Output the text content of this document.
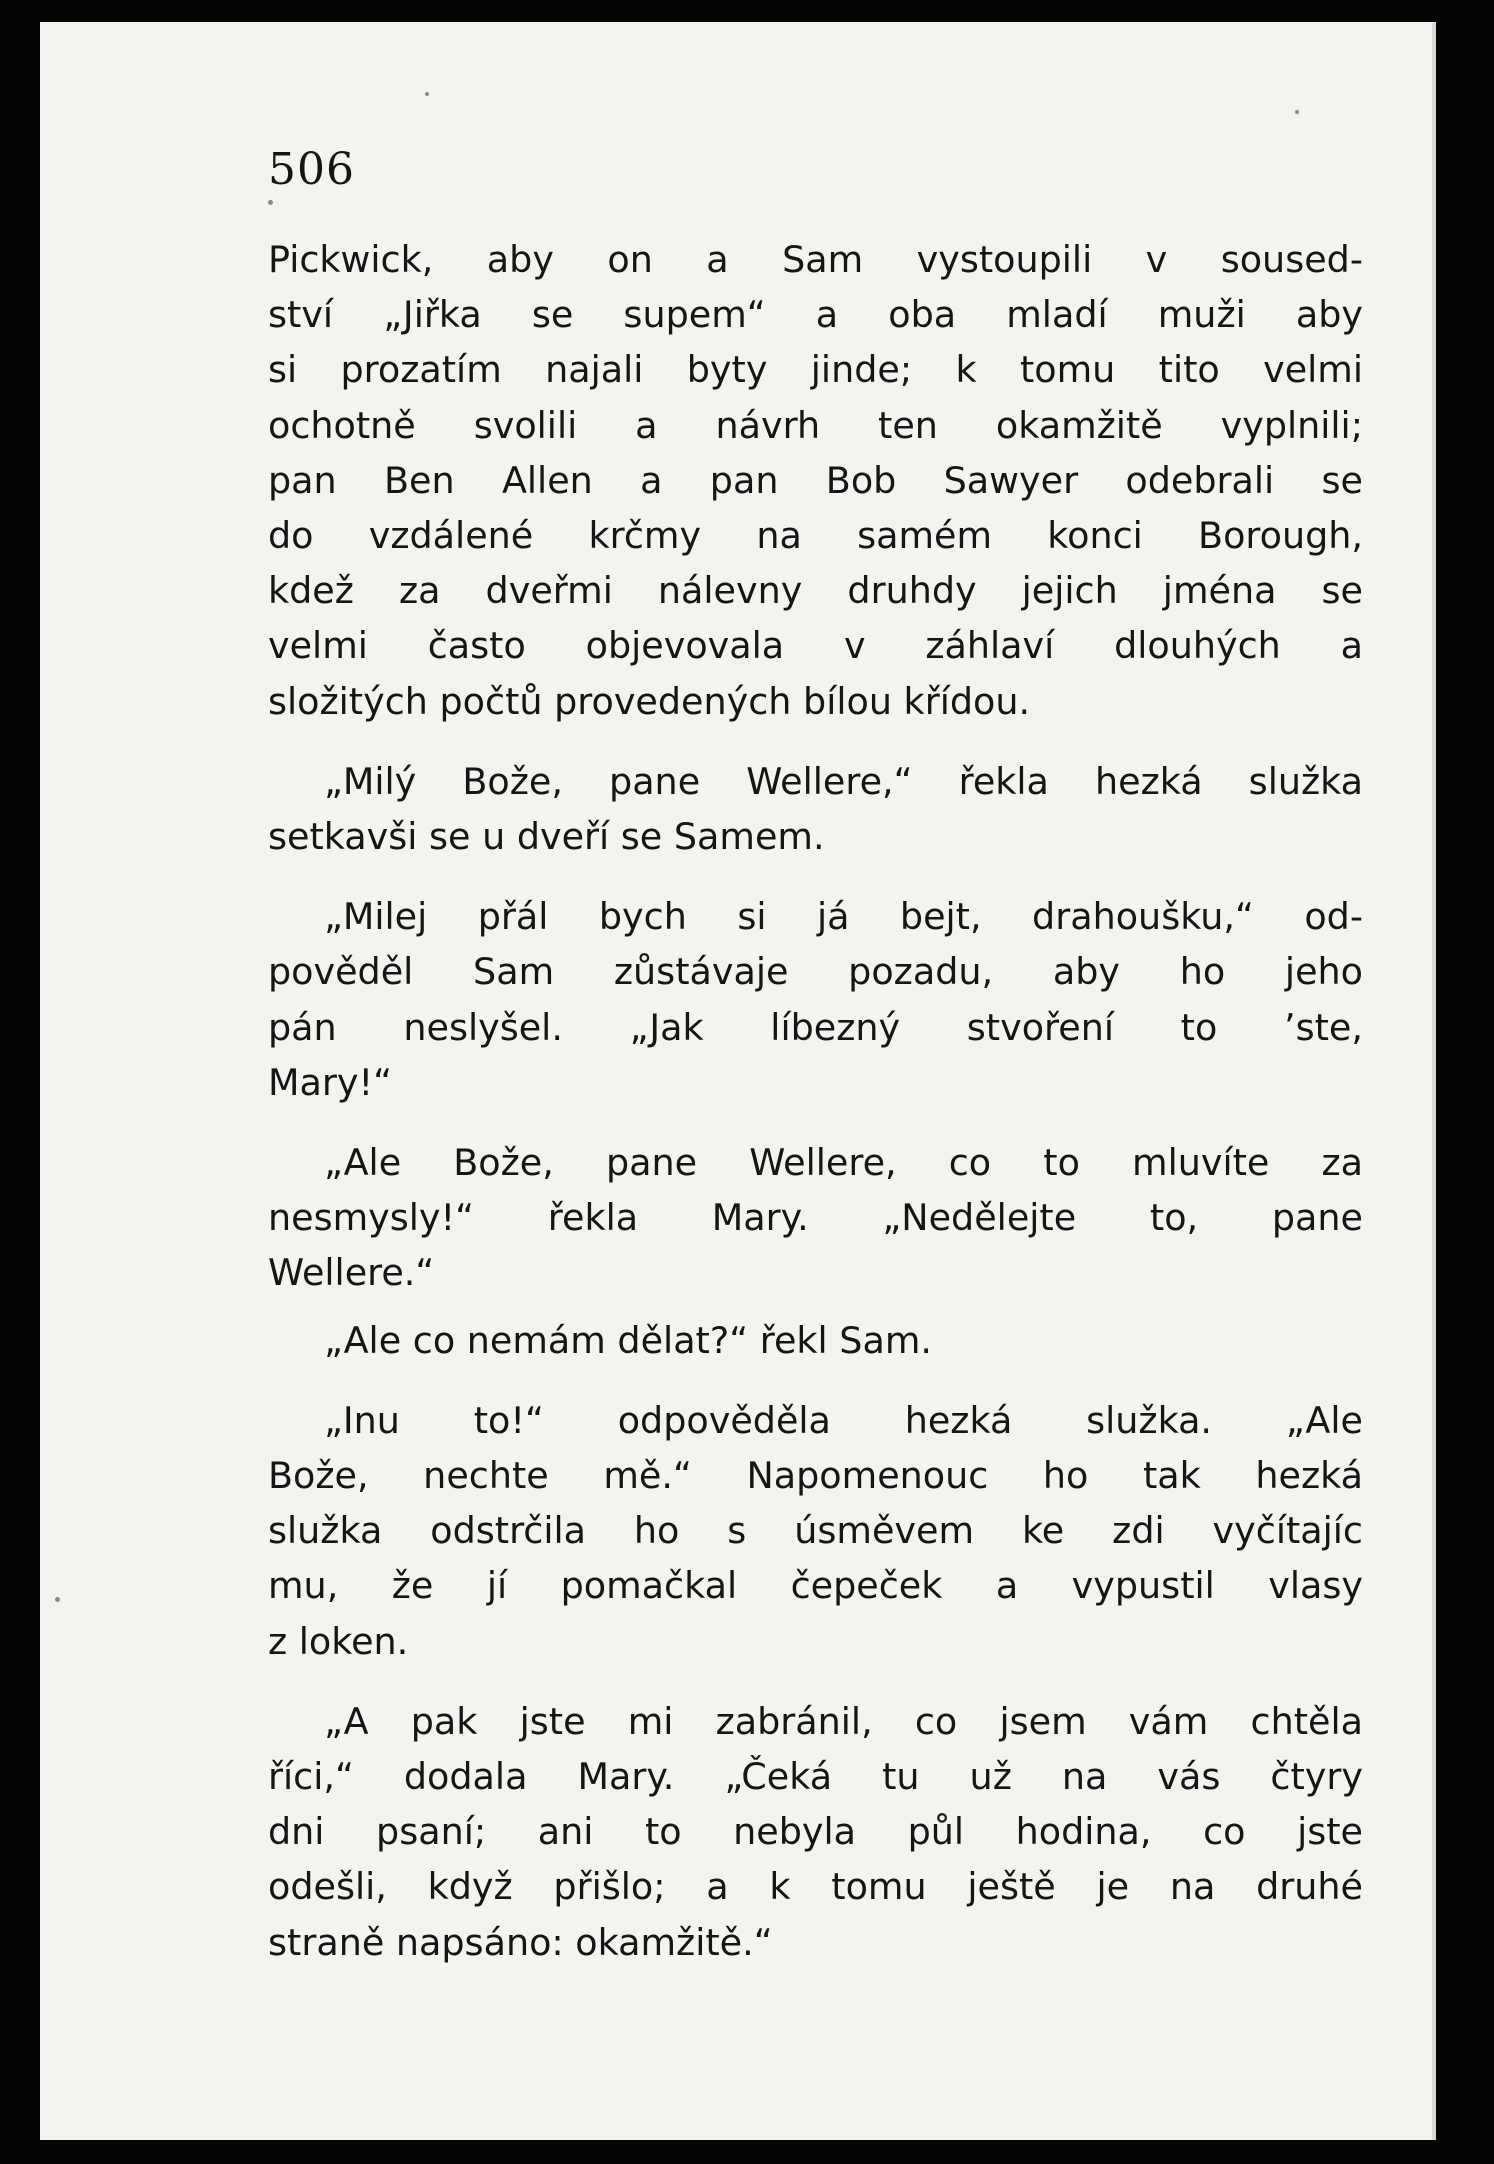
506

Pickwick, aby on a Sam vystoupili v soused-

ství „Jiřka se supem“ a oba mladí muži aby

si prozatím najali byty jinde; k tomu tito velmi

ochotně svolili a návrh ten okamžitě vyplnili;

pan Ben Allen a pan Bob Sawyer odebrali se

do vzdálené krčmy na samém konci Borough,

kdež za dveřmi nálevny druhdy jejich jména se

velmi často objevovala v záhlaví dlouhých a

složitých počtů provedených bílou křídou.

„Milý Bože, pane Wellere,“ řekla hezká služka

setkavši se u dveří se Samem.

„Milej přál bych si já bejt, drahoušku,“ od-

pověděl Sam zůstávaje pozadu, aby ho jeho

pán neslyšel. „Jak líbezný stvoření to ’ste,

Mary!“

„Ale Bože, pane Wellere, co to mluvíte za

nesmysly!“ řekla Mary. „Nedělejte to, pane

Wellere.“

„Ale co nemám dělat?“ řekl Sam.

„Inu to!“ odpověděla hezká služka. „Ale

Bože, nechte mě.“ Napomenouc ho tak hezká

služka odstrčila ho s úsměvem ke zdi vyčítajíc

mu, že jí pomačkal čepeček a vypustil vlasy

z loken.

„A pak jste mi zabránil, co jsem vám chtěla

říci,“ dodala Mary. „Čeká tu už na vás čtyry

dni psaní; ani to nebyla půl hodina, co jste

odešli, když přišlo; a k tomu ještě je na druhé

straně napsáno: okamžitě.“
